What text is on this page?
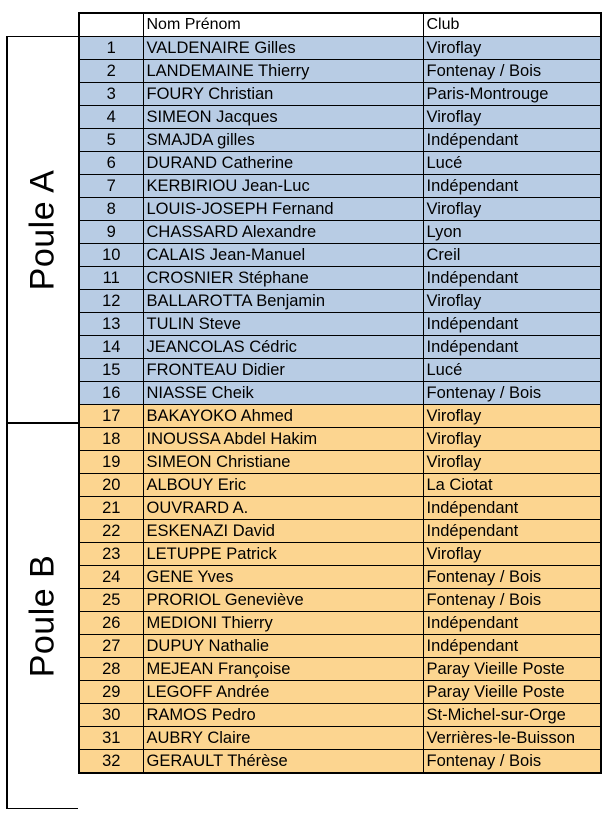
Poule A
Poule B
	Nom Prénom	Club
1	VALDENAIRE Gilles	Viroflay
2	LANDEMAINE Thierry	Fontenay / Bois
3	FOURY Christian	Paris-Montrouge
4	SIMEON Jacques	Viroflay
5	SMAJDA gilles	Indépendant
6	DURAND Catherine	Lucé
7	KERBIRIOU Jean-Luc	Indépendant
8	LOUIS-JOSEPH Fernand	Viroflay
9	CHASSARD Alexandre	Lyon
10	CALAIS Jean-Manuel	Creil
11	CROSNIER Stéphane	Indépendant
12	BALLAROTTA Benjamin	Viroflay
13	TULIN Steve	Indépendant
14	JEANCOLAS Cédric	Indépendant
15	FRONTEAU Didier	Lucé
16	NIASSE Cheik	Fontenay / Bois
17	BAKAYOKO Ahmed	Viroflay
18	INOUSSA Abdel Hakim	Viroflay
19	SIMEON Christiane	Viroflay
20	ALBOUY Eric	La Ciotat
21	OUVRARD A.	Indépendant
22	ESKENAZI David	Indépendant
23	LETUPPE Patrick	Viroflay
24	GENE Yves	Fontenay / Bois
25	PRORIOL Geneviève	Fontenay / Bois
26	MEDIONI Thierry	Indépendant
27	DUPUY Nathalie	Indépendant
28	MEJEAN Françoise	Paray Vieille Poste
29	LEGOFF Andrée	Paray Vieille Poste
30	RAMOS Pedro	St-Michel-sur-Orge
31	AUBRY Claire	Verrières-le-Buisson
32	GERAULT Thérèse	Fontenay / Bois
